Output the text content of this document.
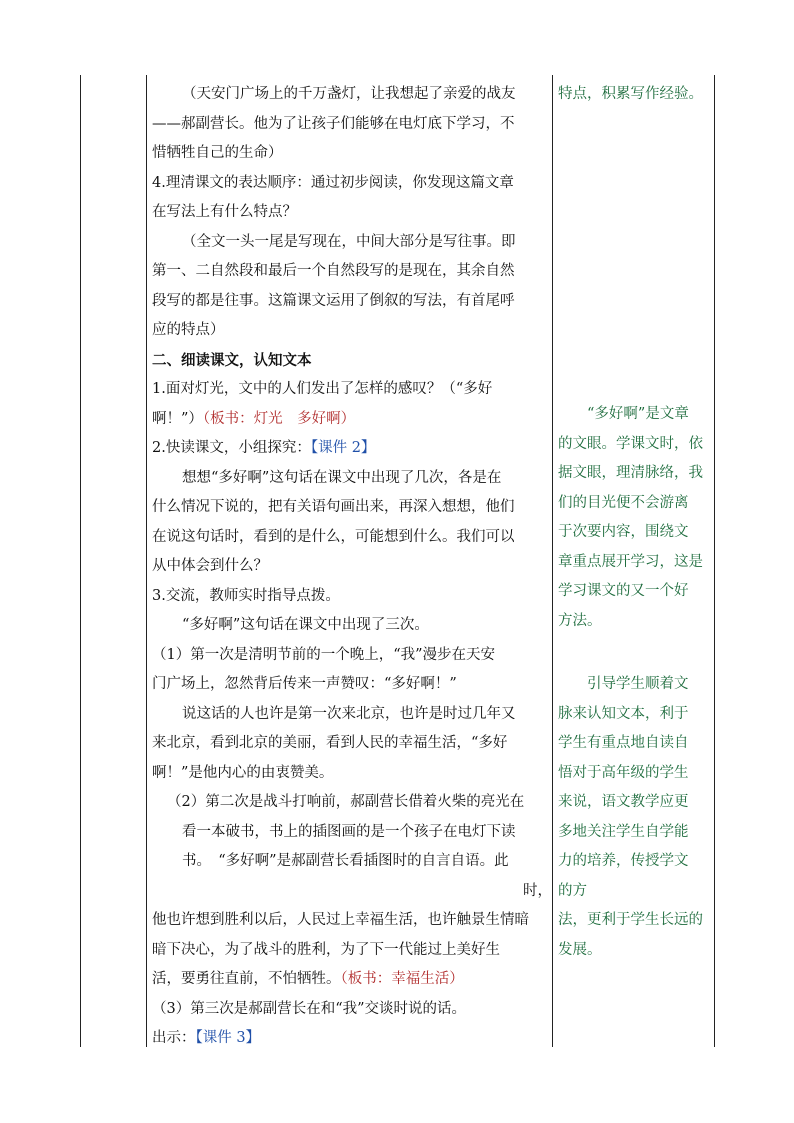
（天安门广场上的千万盏灯，让我想起了亲爱的战友

——郝副营长。他为了让孩子们能够在电灯底下学习，不

惜牺牲自己的生命）

4.理清课文的表达顺序：通过初步阅读，你发现这篇文章

在写法上有什么特点？

（全文一头一尾是写现在，中间大部分是写往事。即

第一、二自然段和最后一个自然段写的是现在，其余自然

段写的都是往事。这篇课文运用了倒叙的写法，有首尾呼

应的特点）

二、细读课文，认知文本

1.面对灯光，文中的人们发出了怎样的感叹？（“多好

啊！”）（板书：灯光　多好啊）

2.快读课文，小组探究：【课件 2】

想想“多好啊”这句话在课文中出现了几次，各是在

什么情况下说的，把有关语句画出来，再深入想想，他们

在说这句话时，看到的是什么，可能想到什么。我们可以

从中体会到什么？

3.交流，教师实时指导点拨。

“多好啊”这句话在课文中出现了三次。

（1）第一次是清明节前的一个晚上，“我”漫步在天安

门广场上，忽然背后传来一声赞叹：“多好啊！”

说这话的人也许是第一次来北京，也许是时过几年又

来北京，看到北京的美丽，看到人民的幸福生活，“多好

啊！”是他内心的由衷赞美。

（2）第二次是战斗打响前，郝副营长借着火柴的亮光在

看一本破书，书上的插图画的是一个孩子在电灯下读

书。　“多好啊”是郝副营长看插图时的自言自语。此

时，

他也许想到胜利以后，人民过上幸福生活，也许触景生情暗

暗下决心，为了战斗的胜利，为了下一代能过上美好生

活，要勇往直前，不怕牺牲。（板书：幸福生活）

（3）第三次是郝副营长在和“我”交谈时说的话。

出示：【课件 3】

特点，积累写作经验。

　　“多好啊”是文章

的文眼。学课文时，依

据文眼，理清脉络，我

们的目光便不会游离

于次要内容，围绕文

章重点展开学习，这是

学习课文的又一个好

方法。

　　引导学生顺着文

脉来认知文本，利于

学生有重点地自读自

悟对于高年级的学生

来说，语文教学应更

多地关注学生自学能

力的培养，传授学文

的方

法，更利于学生长远的

发展。
